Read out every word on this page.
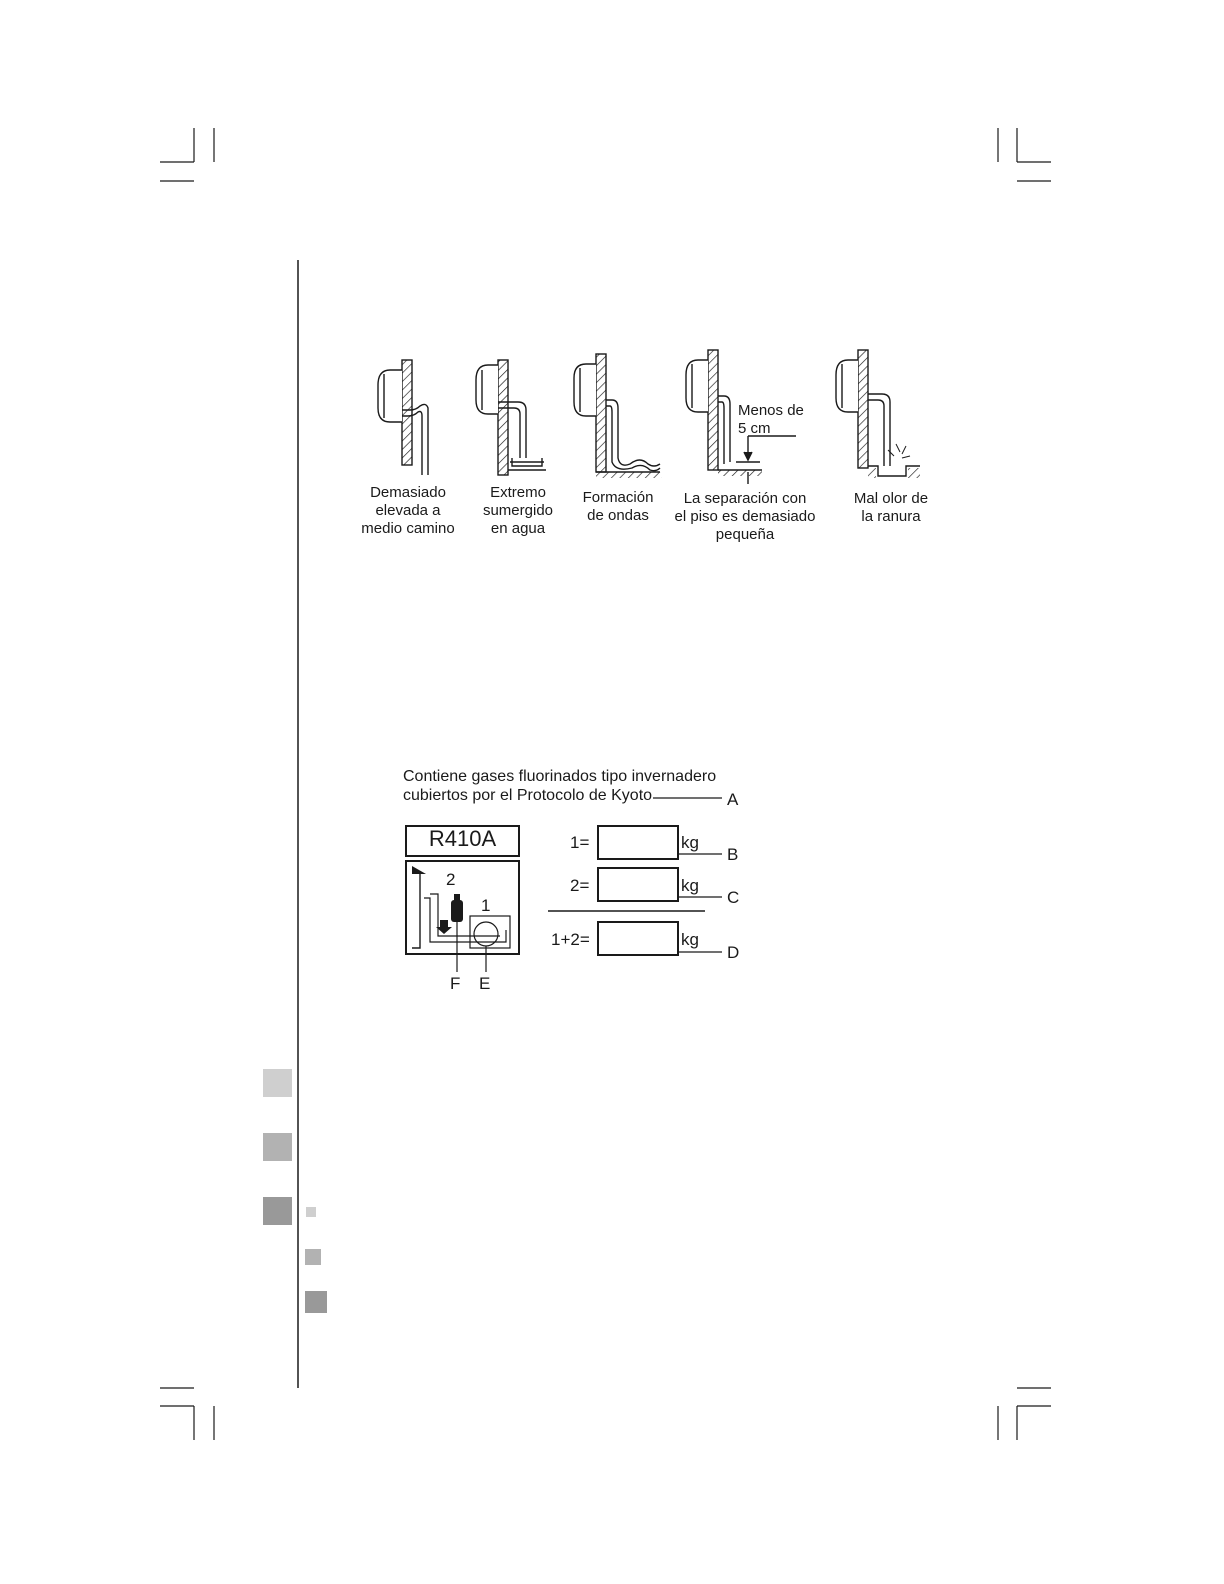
Demasiado
elevada a
medio camino
Extremo
sumergido
en agua
Formación
de ondas
La separación con
el piso es demasiado
pequeña
Mal olor de
la ranura
Menos de
5 cm
Contiene gases fluorinados tipo invernadero
cubiertos por el Protocolo de Kyoto
R410A
2
1
F E
A
1=	kg
B
2=	kg
C
1+2=	kg
D
